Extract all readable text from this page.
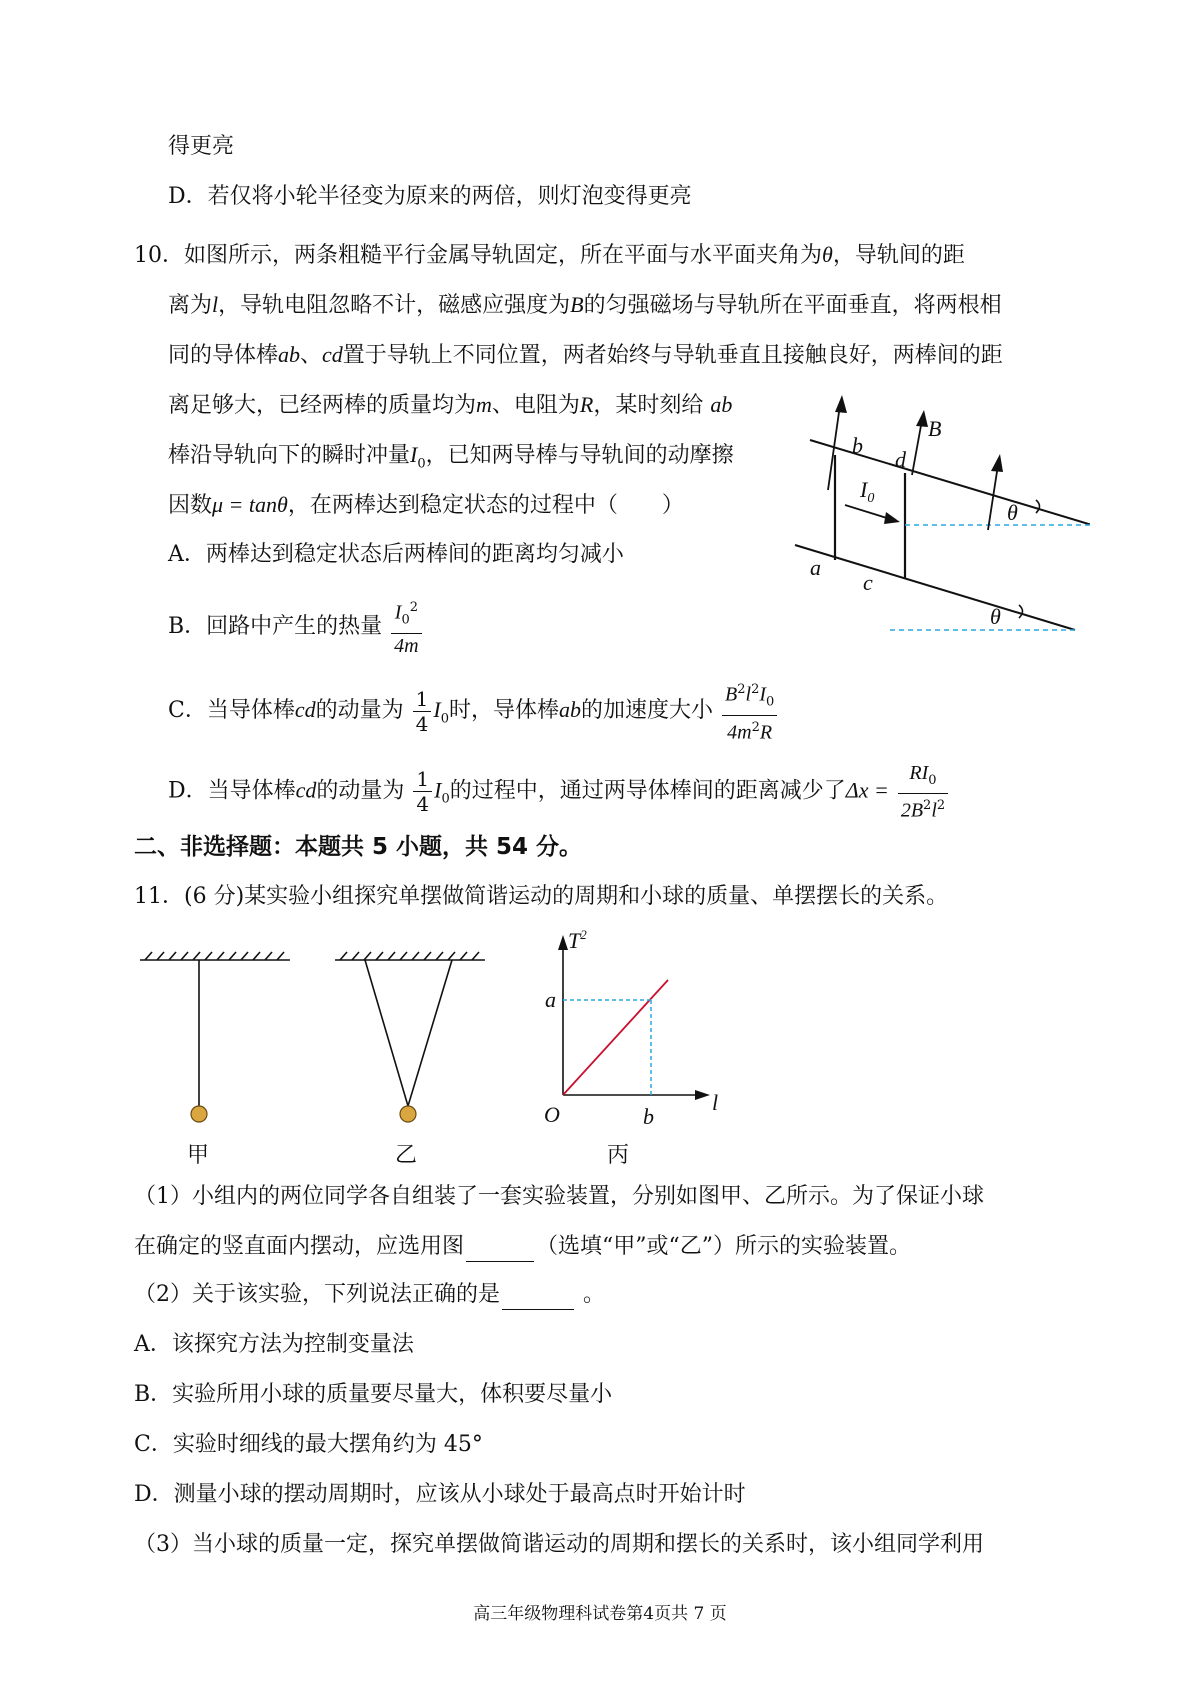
得更亮
D．若仅将小轮半径变为原来的两倍，则灯泡变得更亮
10．如图所示，两条粗糙平行金属导轨固定，所在平面与水平面夹角为θ，导轨间的距
离为l，导轨电阻忽略不计，磁感应强度为B的匀强磁场与导轨所在平面垂直，将两根相
同的导体棒ab、cd置于导轨上不同位置，两者始终与导轨垂直且接触良好，两棒间的距
离足够大，已经两棒的质量均为m、电阻为R，某时刻给 ab
棒沿导轨向下的瞬时冲量$I_0$，已知两导棒与导轨间的动摩擦
因数μ = tanθ，在两棒达到稳定状态的过程中（　　）
A．两棒达到稳定状态后两棒间的距离均匀减小
B．回路中产生的热量 $\frac{I_0^2}{4m}$
C．当导体棒cd的动量为 $\frac{1}{4} I_0$时，导体棒ab的加速度大小 $\frac{B^2l^2I_0}{4m^2R}$
D．当导体棒cd的动量为 $\frac{1}{4} I_0$的过程中，通过两导体棒间的距离减少了$\Delta x = \frac{RI_0}{2B^2l^2}$
二、非选择题：本题共 5 小题，共 54 分。
11．(6 分)某实验小组探究单摆做简谐运动的周期和小球的质量、单摆摆长的关系。
（1）小组内的两位同学各自组装了一套实验装置，分别如图甲、乙所示。为了保证小球
在确定的竖直面内摆动，应选用图	（选填“甲”或“乙”）所示的实验装置。
（2）关于该实验，下列说法正确的是	。
A．该探究方法为控制变量法
B．实验所用小球的质量要尽量大，体积要尽量小
C．实验时细线的最大摆角约为 45°
D．测量小球的摆动周期时，应该从小球处于最高点时开始计时
（3）当小球的质量一定，探究单摆做简谐运动的周期和摆长的关系时，该小组同学利用
高三年级物理科试卷第4页共 7 页
b
d
B
$I_0$
θ
a
c
θ
甲	乙
$T^2$
a
O	b
l
丙
